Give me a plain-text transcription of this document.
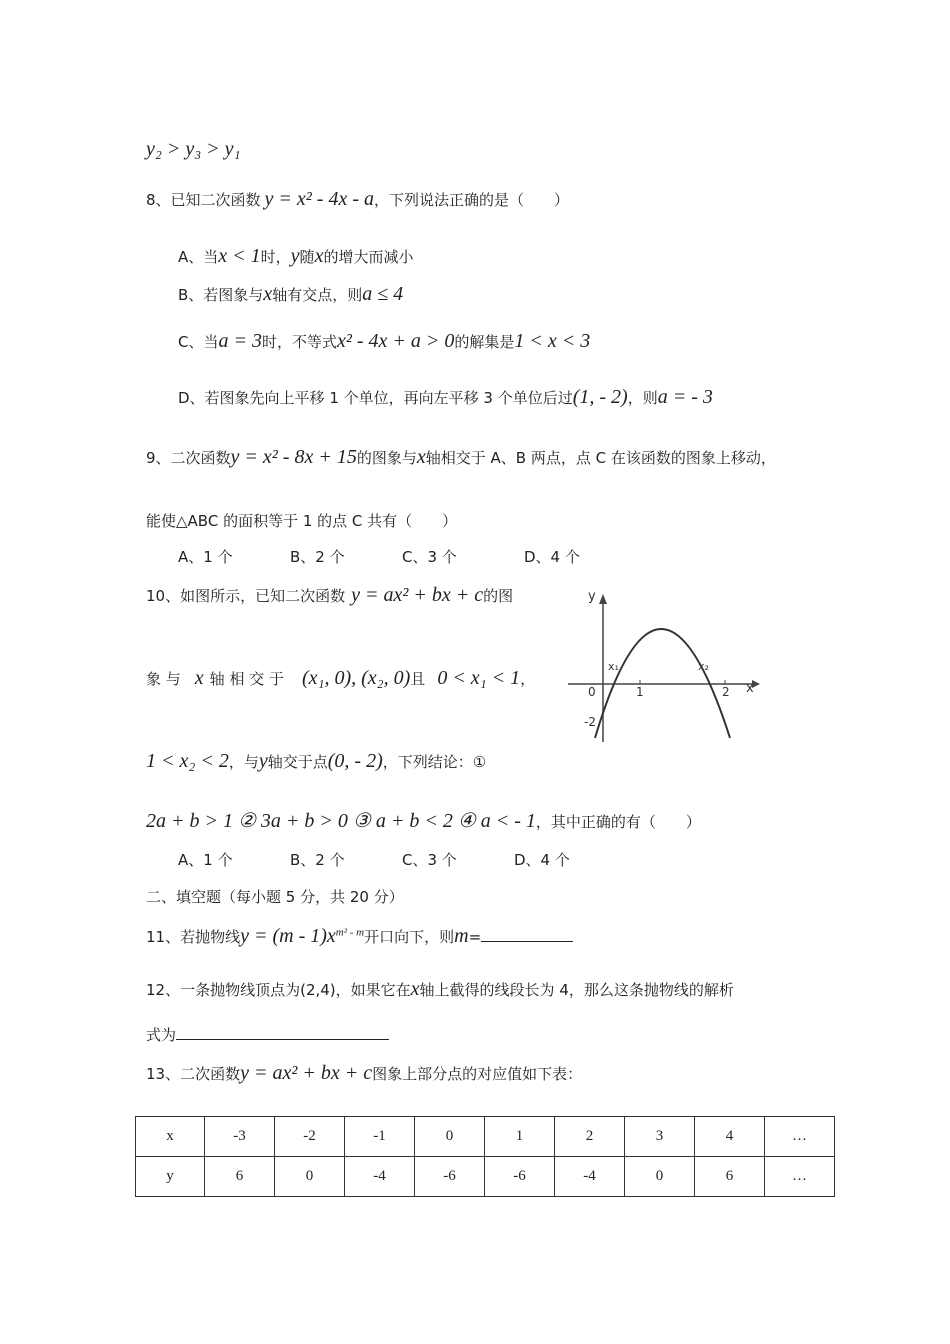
y₂ > y₃ > y₁
8、已知二次函数 y = x² - 4x - a，下列说法正确的是（　　）
A、当x < 1时，y随x的增大而减小
B、若图象与x轴有交点，则a ≤ 4
C、当a = 3时，不等式x² - 4x + a > 0的解集是1 < x < 3
D、若图象先向上平移 1 个单位，再向左平移 3 个单位后过(1, - 2)，则a = - 3
9、二次函数y = x² - 8x + 15的图象与x轴相交于 A、B 两点，点 C 在该函数的图象上移动，
能使△ABC 的面积等于 1 的点 C 共有（　　）
A、1 个	B、2 个	C、3 个	D、4 个
10、如图所示，已知二次函数 y = ax² + bx + c的图
象 与 x 轴 相 交 于 (x₁, 0), (x₂, 0)且 0 < x₁ < 1，
1 < x₂ < 2，与y轴交于点(0, - 2)，下列结论：①
2a + b > 1 ② 3a + b > 0 ③ a + b < 2 ④ a < - 1，其中正确的有（　　）
A、1 个	B、2 个	C、3 个	D、4 个
y
x
0	1	2
-2
x₁	x₂
二、填空题（每小题 5 分，共 20 分）
11、若抛物线$y = (m - 1)x^{m^2 - m}$开口向下，则m=
12、一条抛物线顶点为(2,4)，如果它在x轴上截得的线段长为 4，那么这条抛物线的解析
式为
13、二次函数y = ax² + bx + c图象上部分点的对应值如下表：
x	-3	-2	-1	0	1	2	3	4	…
y	6	0	-4	-6	-6	-4	0	6	…
